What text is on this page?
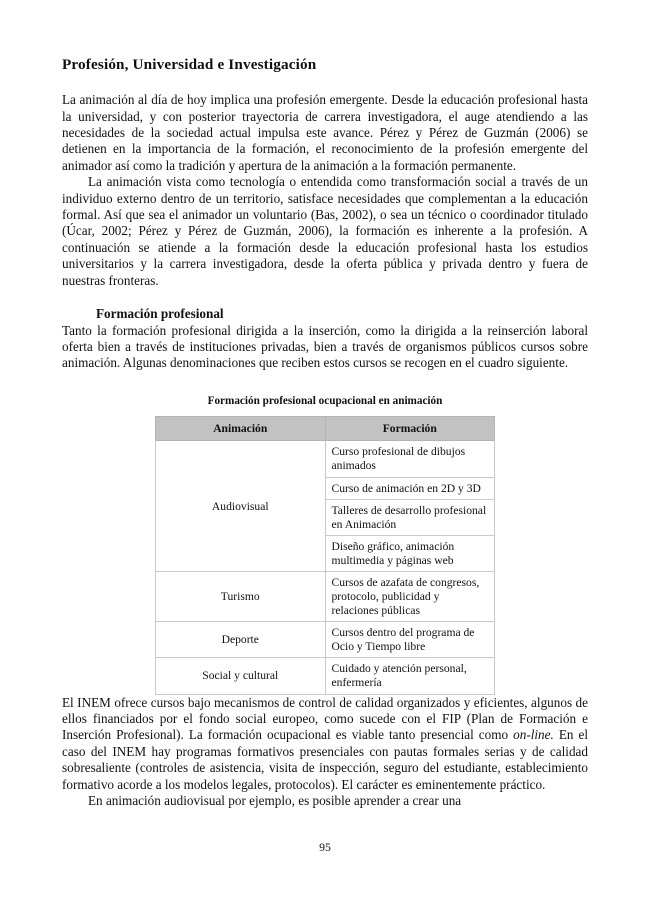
Profesión, Universidad e Investigación

La animación al día de hoy implica una profesión emergente. Desde la educación profesional hasta la universidad, y con posterior trayectoria de carrera investigadora, el auge atendiendo a las necesidades de la sociedad actual impulsa este avance. Pérez y Pérez de Guzmán (2006) se detienen en la importancia de la formación, el reconocimiento de la profesión emergente del animador así como la tradición y apertura de la animación a la formación permanente.

La animación vista como tecnología o entendida como transformación social a través de un individuo externo dentro de un territorio, satisface necesidades que complementan a la educación formal. Así que sea el animador un voluntario (Bas, 2002), o sea un técnico o coordinador titulado (Úcar, 2002; Pérez y Pérez de Guzmán, 2006), la formación es inherente a la profesión. A continuación se atiende a la formación desde la educación profesional hasta los estudios universitarios y la carrera investigadora, desde la oferta pública y privada dentro y fuera de nuestras fronteras.

Formación profesional

Tanto la formación profesional dirigida a la inserción, como la dirigida a la reinserción laboral oferta bien a través de instituciones privadas, bien a través de organismos públicos cursos sobre animación. Algunas denominaciones que reciben estos cursos se recogen en el cuadro siguiente.

Formación profesional ocupacional en animación
Animación	Formación
Audiovisual	Curso profesional de dibujos animados
	Curso de animación en 2D y 3D
	Talleres de desarrollo profesional en Animación
	Diseño gráfico, animación multimedia y páginas web
Turismo	Cursos de azafata de congresos, protocolo, publicidad y relaciones públicas
Deporte	Cursos dentro del programa de Ocio y Tiempo libre
Social y cultural	Cuidado y atención personal, enfermería

El INEM ofrece cursos bajo mecanismos de control de calidad organizados y eficientes, algunos de ellos financiados por el fondo social europeo, como sucede con el FIP (Plan de Formación e Inserción Profesional). La formación ocupacional es viable tanto presencial como on-line. En el caso del INEM hay programas formativos presenciales con pautas formales serias y de calidad sobresaliente (controles de asistencia, visita de inspección, seguro del estudiante, establecimiento formativo acorde a los modelos legales, protocolos). El carácter es eminentemente práctico.

En animación audiovisual por ejemplo, es posible aprender a crear una

95
